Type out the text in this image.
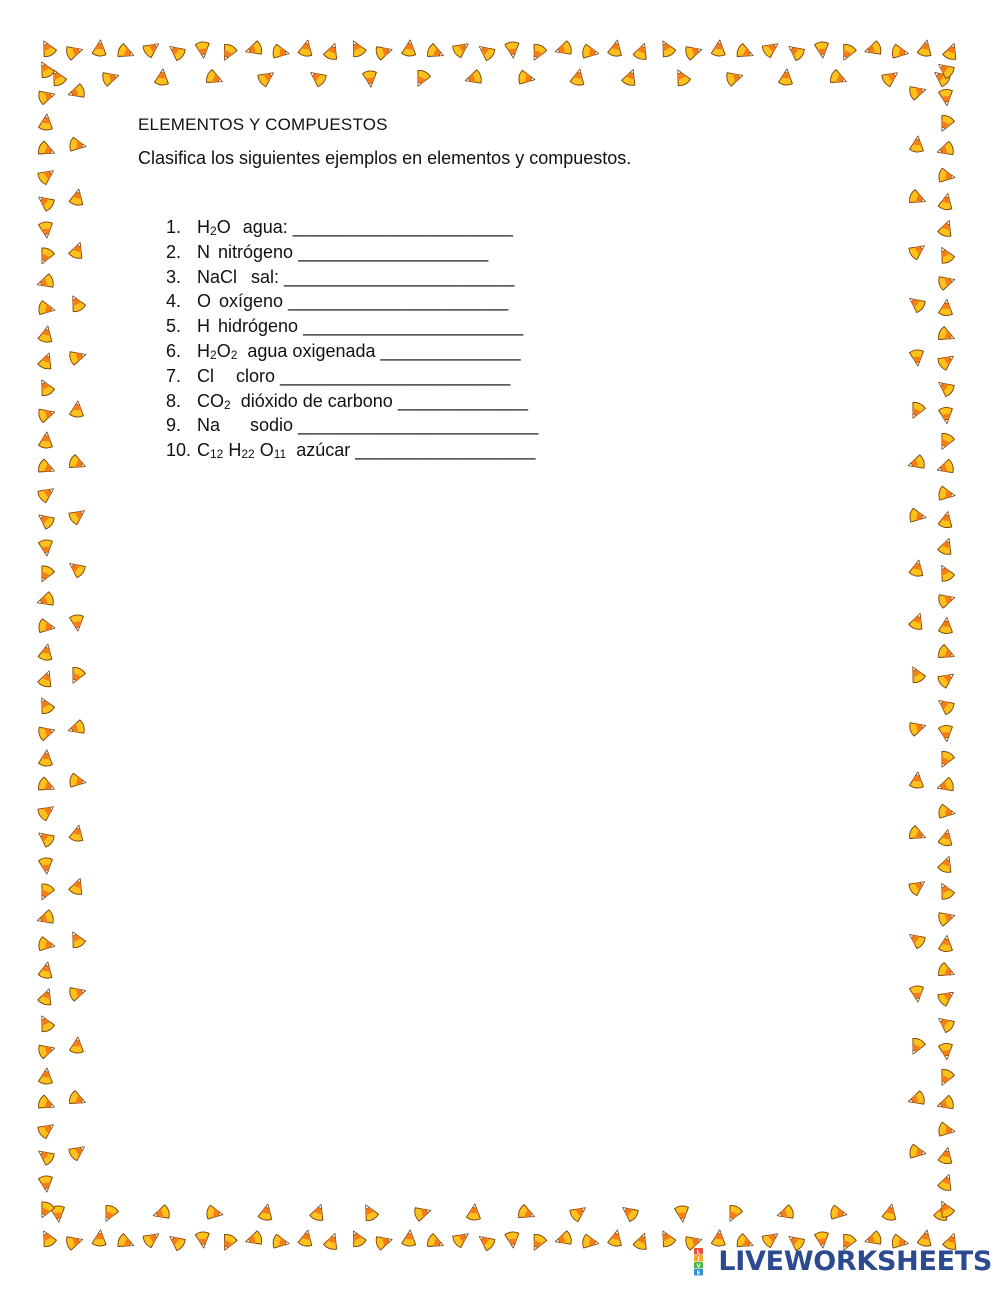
ELEMENTOS Y COMPUESTOS

Clasifica los siguientes ejemplos en elementos y compuestos.

1. $H_2O$ agua: ______________________
2. N nitrógeno ___________________
3. NaCl sal: _______________________
4. O oxígeno ______________________
5. H hidrógeno ______________________
6. $H_2O_2$ agua oxigenada ______________
7. Cl cloro _______________________
8. $CO_2$ dióxido de carbono _____________
9. Na sodio ________________________
10. $C_{12}$ $H_{22}$ $O_{11}$ azúcar __________________
L
I
V
E LIVEWORKSHEETS
